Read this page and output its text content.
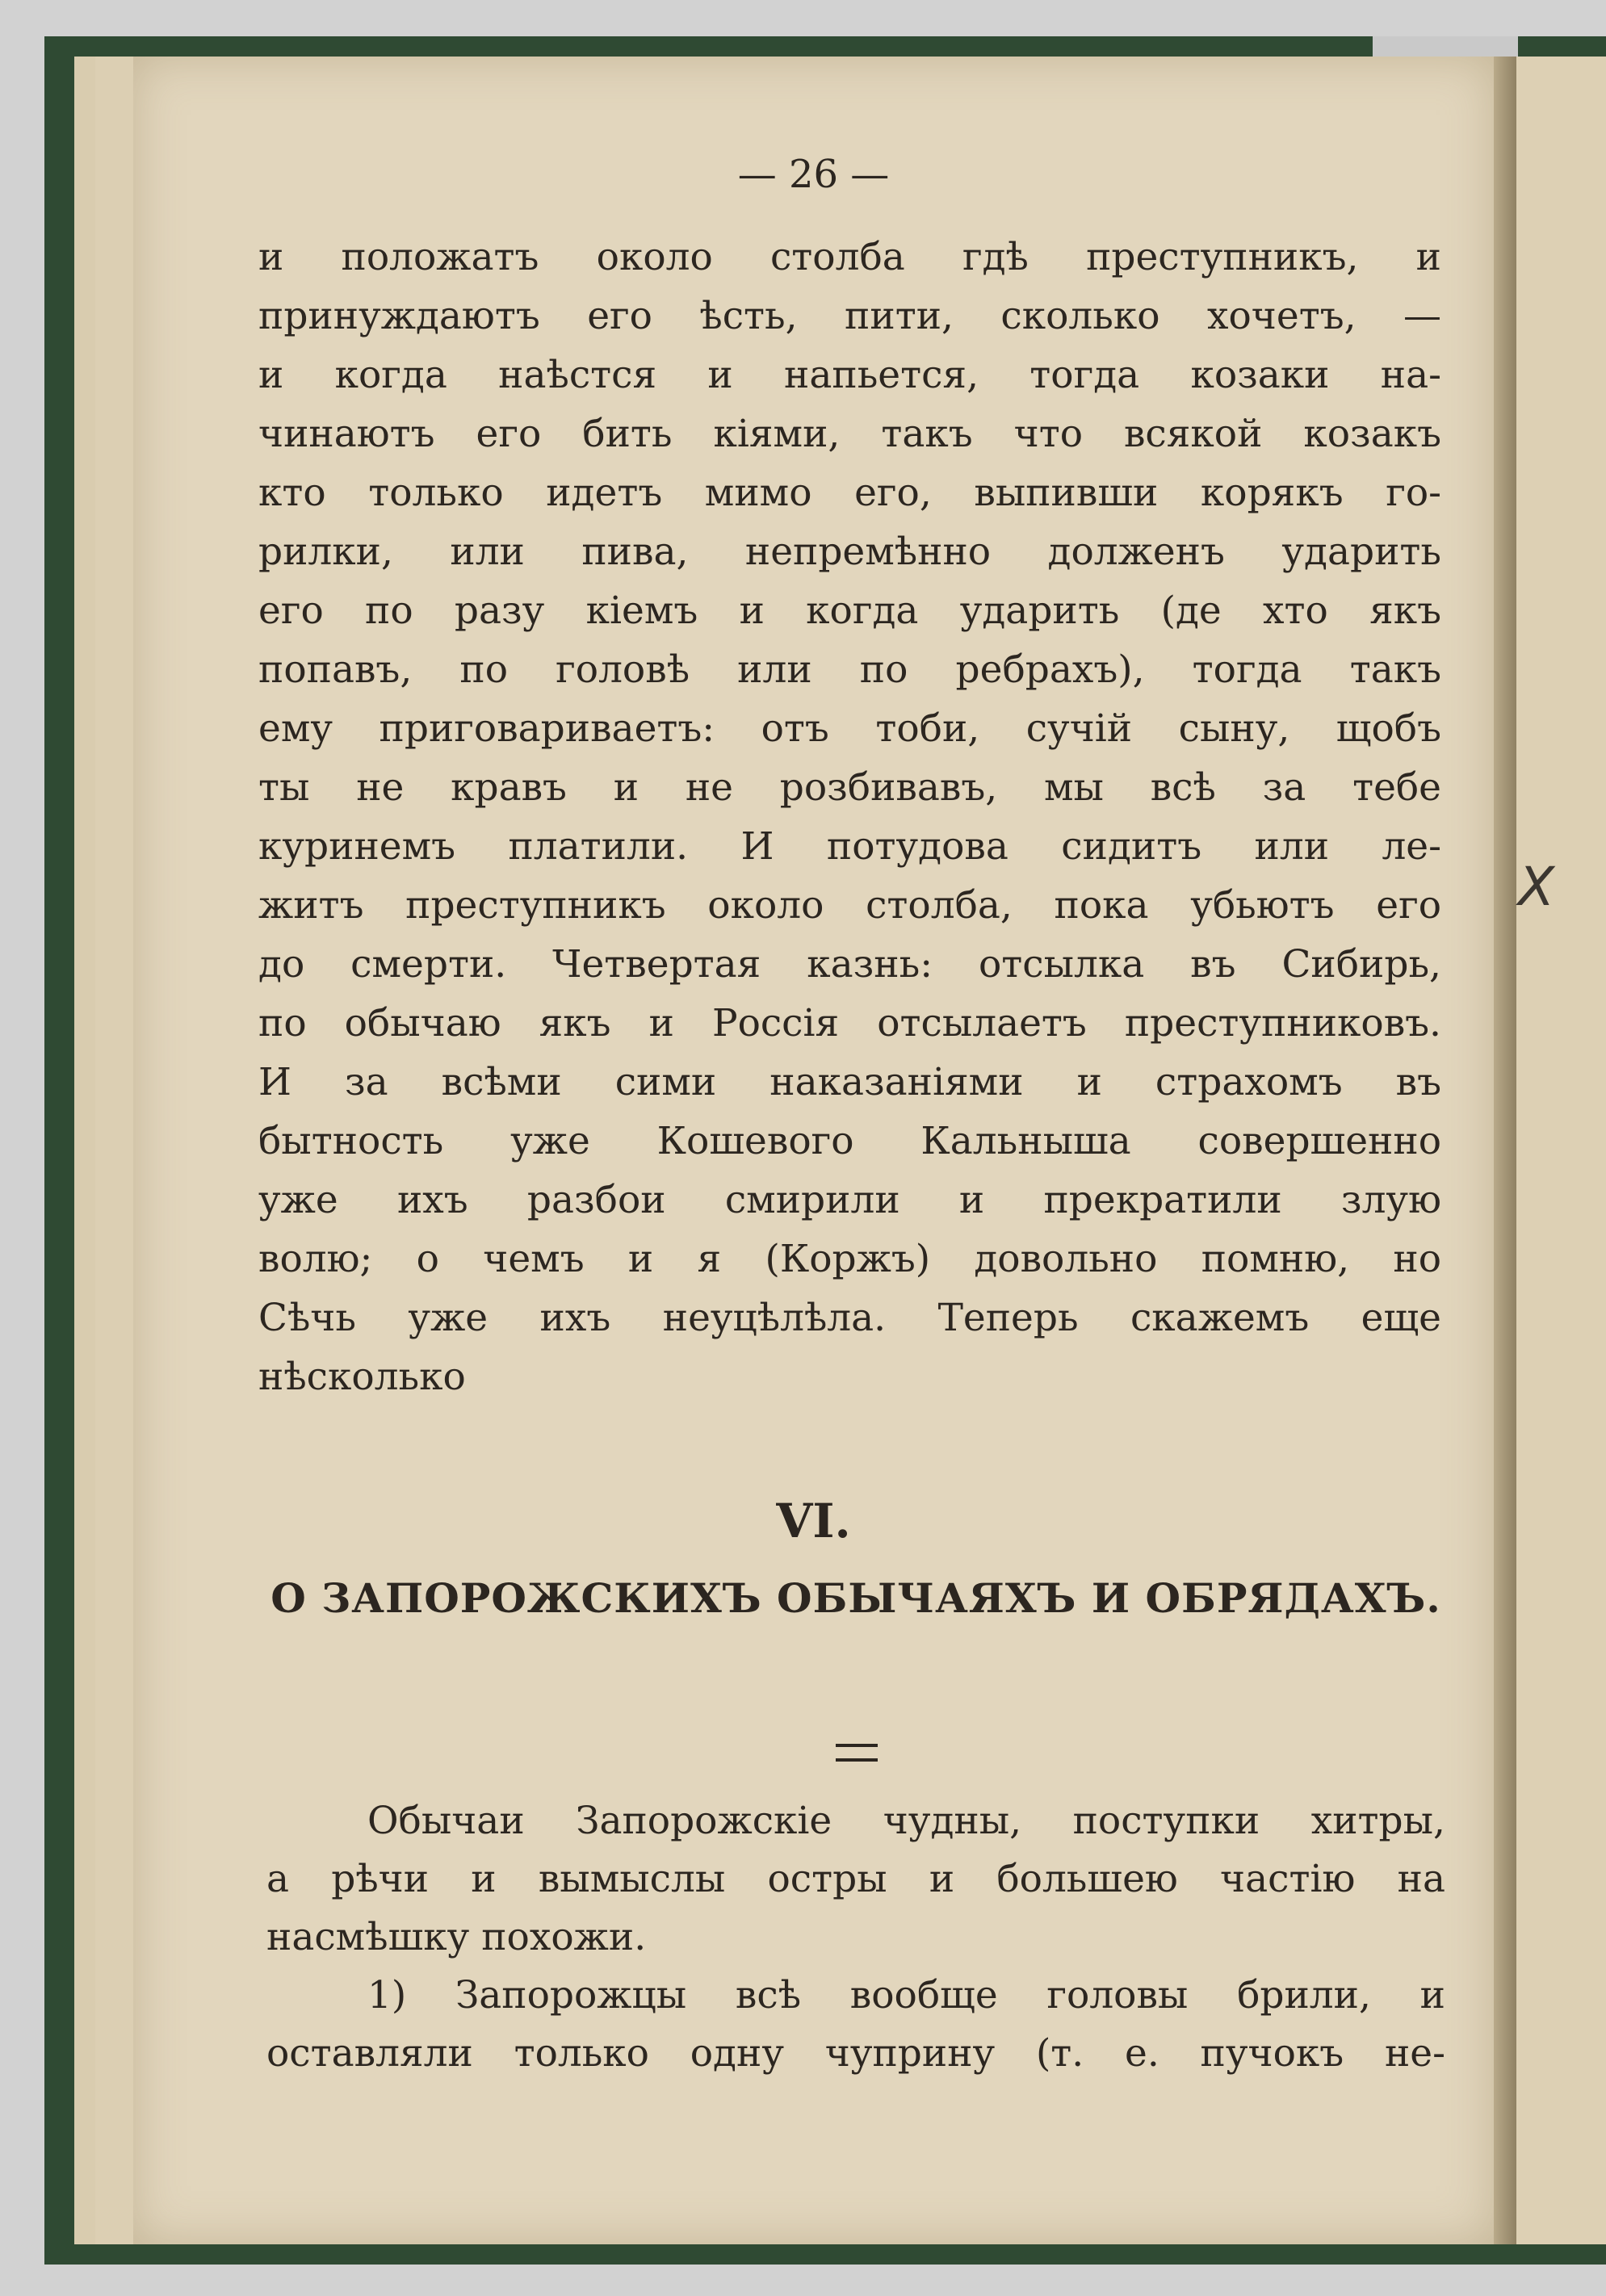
— 26 —
и положатъ около столба гдѣ преступникъ, и
принуждаютъ его ѣсть, пити, сколько хочетъ, —
и когда наѣстся и напьется, тогда козаки на-
чинаютъ его бить кіями, такъ что всякой козакъ
кто только идетъ мимо его, выпивши корякъ го-
рилки, или пива, непремѣнно долженъ ударить
его по разу кіемъ и когда ударить (де хто якъ
попавъ, по головѣ или по ребрахъ), тогда такъ
ему приговариваетъ: отъ тоби, сучій сыну, щобъ
ты не кравъ и не розбивавъ, мы всѣ за тебе
куринемъ платили. И потудова сидитъ или ле-
житъ преступникъ около столба, пока убьютъ его
до смерти. Четвертая казнь: отсылка въ Сибирь,
по обычаю якъ и Россія отсылаетъ преступниковъ.
И за всѣми сими наказаніями и страхомъ въ
бытность уже Кошевого Кальныша совершенно
уже ихъ разбои смирили и прекратили злую
волю; о чемъ и я (Коржъ) довольно помню, но
Сѣчь уже ихъ неуцѣлѣла. Теперь скажемъ еще
нѣсколько
VI.
О ЗАПОРОЖСКИХЪ ОБЫЧАЯХЪ И ОБРЯДАХЪ.
Обычаи Запорожскіе чудны, поступки хитры,
а рѣчи и вымыслы остры и большею частію на
насмѣшку похожи.
1) Запорожцы всѣ вообще головы брили, и
оставляли только одну чуприну (т. е. пучокъ не-
X
